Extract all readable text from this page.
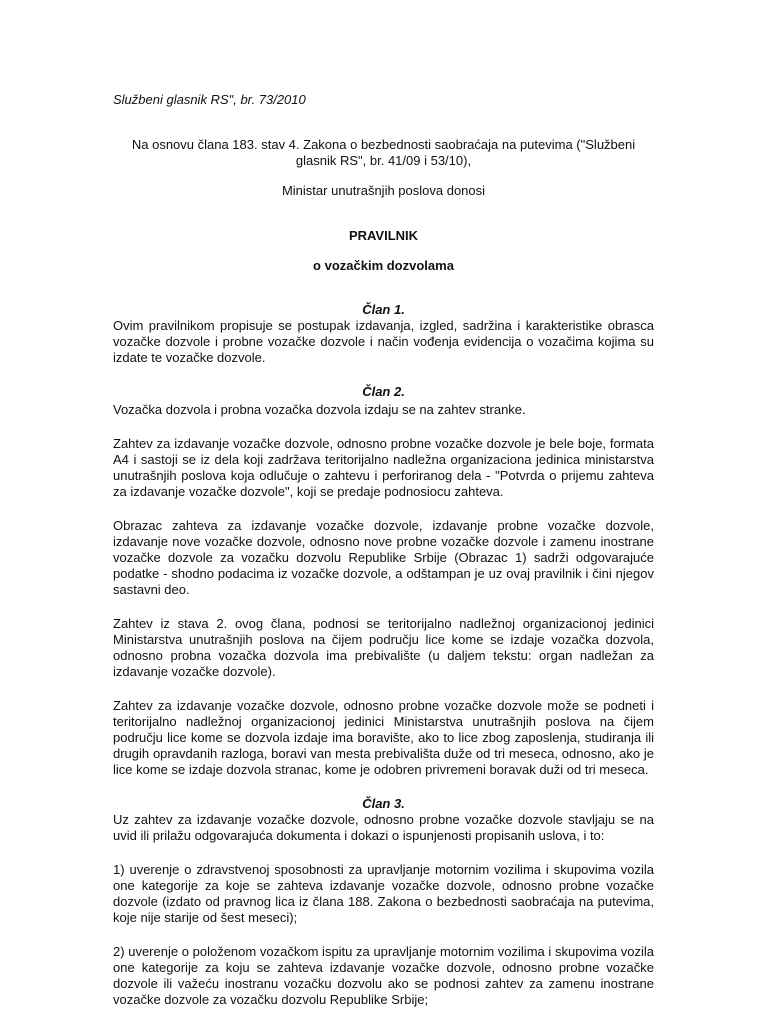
Službeni glasnik RS", br. 73/2010
Na osnovu člana 183. stav 4. Zakona o bezbednosti saobraćaja na putevima ("Službeni glasnik RS", br. 41/09 i 53/10),
Ministar unutrašnjih poslova donosi
PRAVILNIK
o vozačkim dozvolama

Član 1.

Ovim pravilnikom propisuje se postupak izdavanja, izgled, sadržina i karakteristike obrasca vozačke dozvole i probne vozačke dozvole i način vođenja evidencija o vozačima kojima su izdate te vozačke dozvole.

Član 2.

Vozačka dozvola i probna vozačka dozvola izdaju se na zahtev stranke.

Zahtev za izdavanje vozačke dozvole, odnosno probne vozačke dozvole je bele boje, formata A4 i sastoji se iz dela koji zadržava teritorijalno nadležna organizaciona jedinica ministarstva unutrašnjih poslova koja odlučuje o zahtevu i perforiranog dela - "Potvrda o prijemu zahteva za izdavanje vozačke dozvole", koji se predaje podnosiocu zahteva.

Obrazac zahteva za izdavanje vozačke dozvole, izdavanje probne vozačke dozvole, izdavanje nove vozačke dozvole, odnosno nove probne vozačke dozvole i zamenu inostrane vozačke dozvole za vozačku dozvolu Republike Srbije (Obrazac 1) sadrži odgovarajuće podatke - shodno podacima iz vozačke dozvole, a odštampan je uz ovaj pravilnik i čini njegov sastavni deo.

Zahtev iz stava 2. ovog člana, podnosi se teritorijalno nadležnoj organizacionoj jedinici Ministarstva unutrašnjih poslova na čijem području lice kome se izdaje vozačka dozvola, odnosno probna vozačka dozvola ima prebivalište (u daljem tekstu: organ nadležan za izdavanje vozačke dozvole).

Zahtev za izdavanje vozačke dozvole, odnosno probne vozačke dozvole može se podneti i teritorijalno nadležnoj organizacionoj jedinici Ministarstva unutrašnjih poslova na čijem području lice kome se dozvola izdaje ima boravište, ako to lice zbog zaposlenja, studiranja ili drugih opravdanih razloga, boravi van mesta prebivališta duže od tri meseca, odnosno, ako je lice kome se izdaje dozvola stranac, kome je odobren privremeni boravak duži od tri meseca.

Član 3.

Uz zahtev za izdavanje vozačke dozvole, odnosno probne vozačke dozvole stavljaju se na uvid ili prilažu odgovarajuća dokumenta i dokazi o ispunjenosti propisanih uslova, i to:

1) uverenje o zdravstvenoj sposobnosti za upravljanje motornim vozilima i skupovima vozila one kategorije za koje se zahteva izdavanje vozačke dozvole, odnosno probne vozačke dozvole (izdato od pravnog lica iz člana 188. Zakona o bezbednosti saobraćaja na putevima, koje nije starije od šest meseci);

2) uverenje o položenom vozačkom ispitu za upravljanje motornim vozilima i skupovima vozila one kategorije za koju se zahteva izdavanje vozačke dozvole, odnosno probne vozačke dozvole ili važeću inostranu vozačku dozvolu ako se podnosi zahtev za zamenu inostrane vozačke dozvole za vozačku dozvolu Republike Srbije;
